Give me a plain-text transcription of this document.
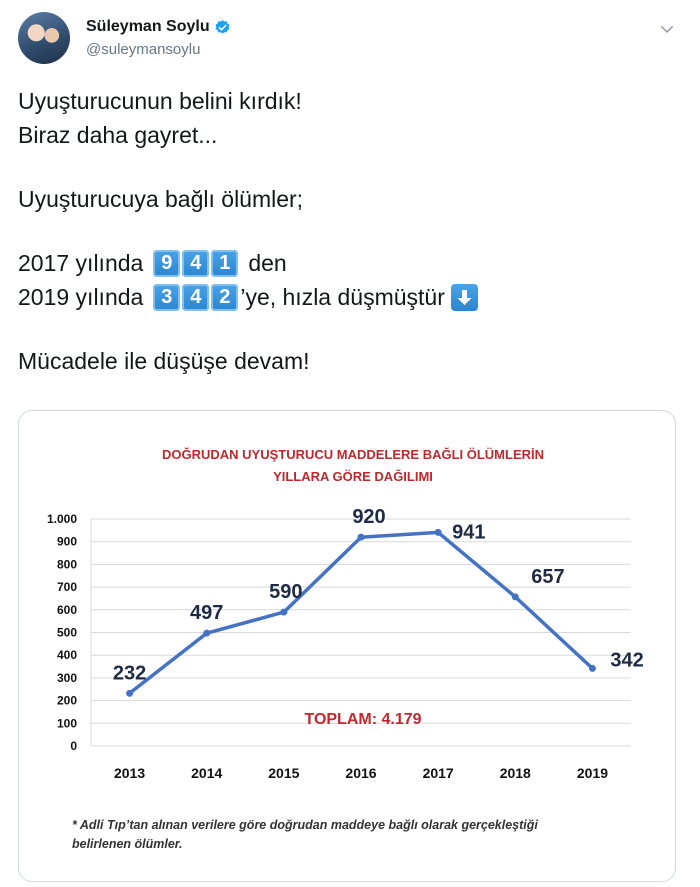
Süleyman Soylu
@suleymansoylu
Uyuşturucunun belini kırdık!
Biraz daha gayret...
Uyuşturucuya bağlı ölümler;
2017 yılında 9 4 1 den
2019 yılında 3 4 2 ’ye, hızla düşmüştür
Mücadele ile düşüşe devam!
DOĞRUDAN UYUŞTURUCU MADDELERE BAĞLI ÖLÜMLERİN
YILLARA GÖRE DAĞILIMI
0
100
200
300
400
500
600
700
800
900
1.000
2013	2014	2015	2016	2017	2018	2019
232
497
590
920
941
657
342
TOPLAM: 4.179
* Adli Tıp’tan alınan verilere göre doğrudan maddeye bağlı olarak gerçekleştiği
belirlenen ölümler.
